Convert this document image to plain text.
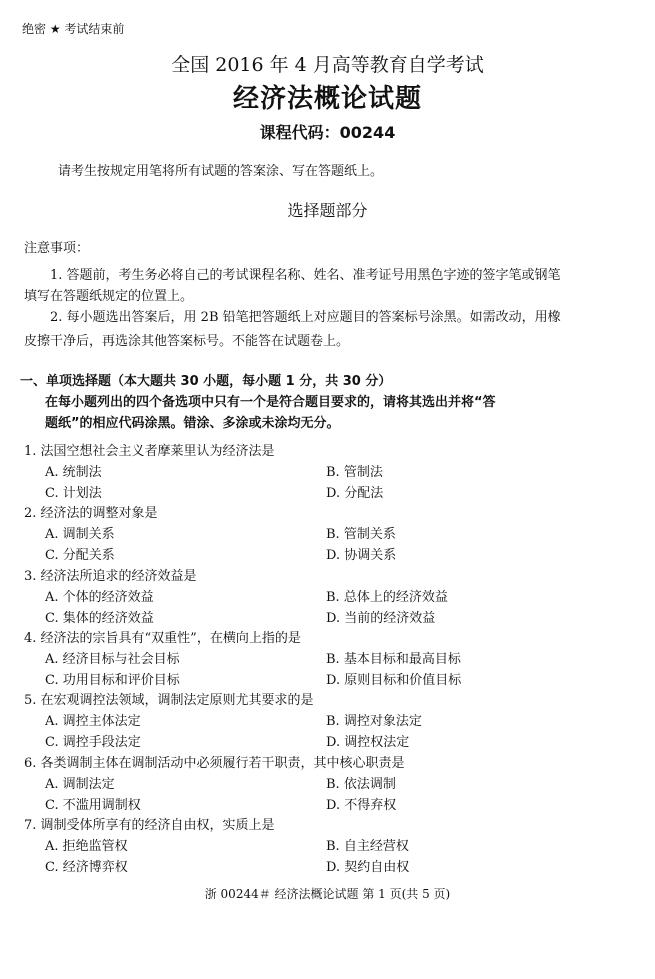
绝密 ★ 考试结束前
全国 2016 年 4 月高等教育自学考试
经济法概论试题
课程代码：00244
请考生按规定用笔将所有试题的答案涂、写在答题纸上。
选择题部分
注意事项：
1. 答题前，考生务必将自己的考试课程名称、姓名、准考证号用黑色字迹的签字笔或钢笔
填写在答题纸规定的位置上。
2. 每小题选出答案后，用 2B 铅笔把答题纸上对应题目的答案标号涂黑。如需改动，用橡
皮擦干净后，再选涂其他答案标号。不能答在试题卷上。
一、单项选择题（本大题共 30 小题，每小题 1 分，共 30 分）
在每小题列出的四个备选项中只有一个是符合题目要求的，请将其选出并将“答
题纸”的相应代码涂黑。错涂、多涂或未涂均无分。
1. 法国空想社会主义者摩莱里认为经济法是
A. 统制法	B. 管制法
C. 计划法	D. 分配法
2. 经济法的调整对象是
A. 调制关系	B. 管制关系
C. 分配关系	D. 协调关系
3. 经济法所追求的经济效益是
A. 个体的经济效益	B. 总体上的经济效益
C. 集体的经济效益	D. 当前的经济效益
4. 经济法的宗旨具有“双重性”，在横向上指的是
A. 经济目标与社会目标	B. 基本目标和最高目标
C. 功用目标和评价目标	D. 原则目标和价值目标
5. 在宏观调控法领域，调制法定原则尤其要求的是
A. 调控主体法定	B. 调控对象法定
C. 调控手段法定	D. 调控权法定
6. 各类调制主体在调制活动中必须履行若干职责，其中核心职责是
A. 调制法定	B. 依法调制
C. 不滥用调制权	D. 不得弃权
7. 调制受体所享有的经济自由权，实质上是
A. 拒绝监管权	B. 自主经营权
C. 经济博弈权	D. 契约自由权
浙 00244＃ 经济法概论试题 第 1 页(共 5 页)
